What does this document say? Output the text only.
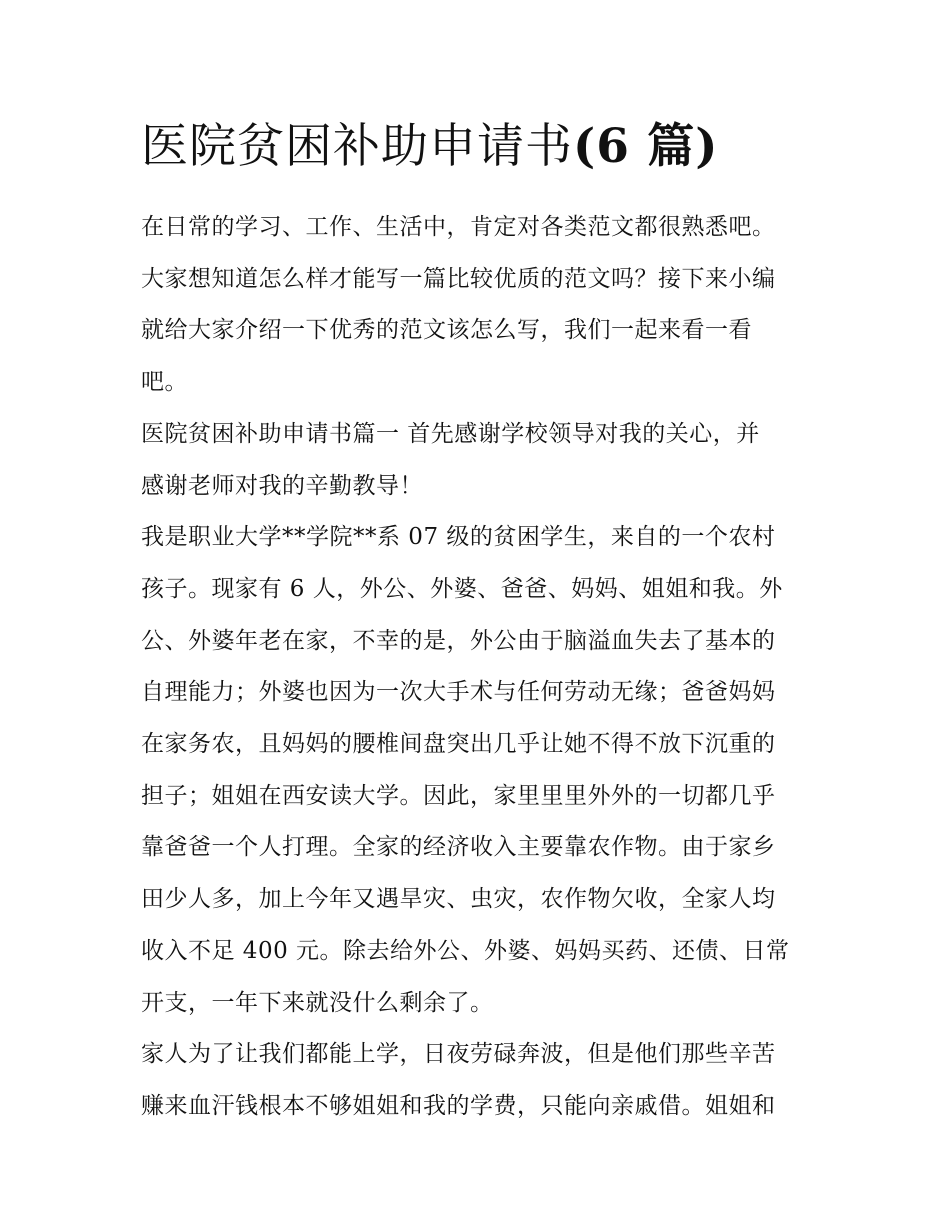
医院贫困补助申请书(6 篇)

在日常的学习、工作、生活中，肯定对各类范文都很熟悉吧。
大家想知道怎么样才能写一篇比较优质的范文吗？接下来小编
就给大家介绍一下优秀的范文该怎么写，我们一起来看一看
吧。

医院贫困补助申请书篇一 首先感谢学校领导对我的关心，并
感谢老师对我的辛勤教导！

我是职业大学**学院**系 07 级的贫困学生，来自的一个农村
孩子。现家有 6 人，外公、外婆、爸爸、妈妈、姐姐和我。外
公、外婆年老在家，不幸的是，外公由于脑溢血失去了基本的
自理能力；外婆也因为一次大手术与任何劳动无缘；爸爸妈妈
在家务农，且妈妈的腰椎间盘突出几乎让她不得不放下沉重的
担子；姐姐在西安读大学。因此，家里里里外外的一切都几乎
靠爸爸一个人打理。全家的经济收入主要靠农作物。由于家乡
田少人多，加上今年又遇旱灾、虫灾，农作物欠收，全家人均
收入不足 400 元。除去给外公、外婆、妈妈买药、还债、日常
开支，一年下来就没什么剩余了。

家人为了让我们都能上学，日夜劳碌奔波，但是他们那些辛苦
赚来血汗钱根本不够姐姐和我的学费，只能向亲戚借。姐姐和
